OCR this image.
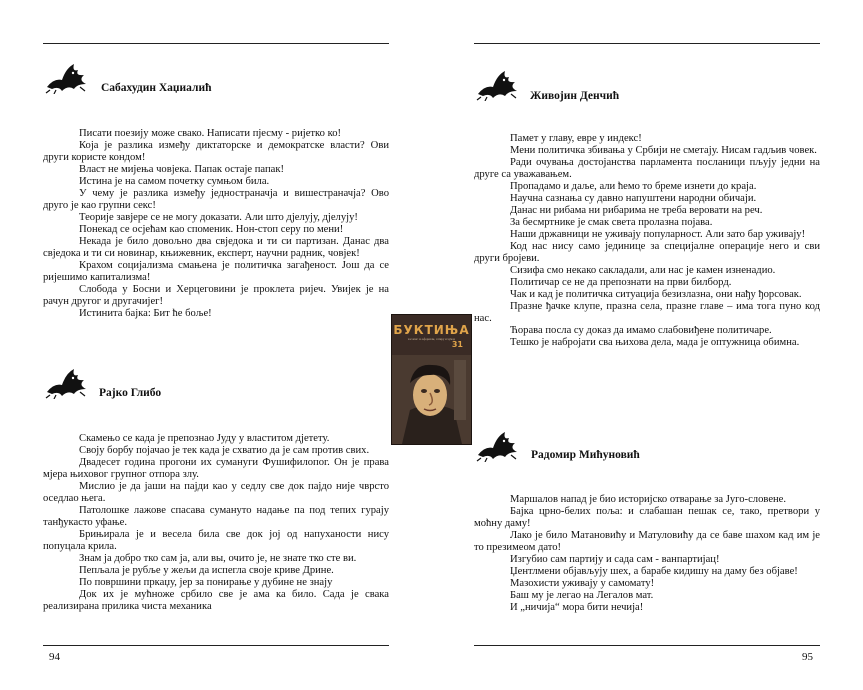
Сабахудин Хаџиалић

Писати поезију може свако. Написати пјесму - ријетко ко!

Која је разлика између диктаторске и демократске власти? Ови други користе кондом!

Власт не мијења човјека. Папак остаје папак!

Истина је на самом почетку сумњом била.

У чему је разлика између једностраначја и вишестраначја? Ово друго је као групни секс!

Теорије завјере се не могу доказати. Али што дјелују, дјелују!

Понекад се осјећам као споменик. Нон-стоп серу по мени!

Некада је било довољно два свједока и ти си партизан. Данас два свједока и ти си новинар, књижевник, експерт, научни радник, човјек!

Крахом социјализма смањена је политичка загађеност. Још да се ријешимо капитализма!

Слобода у Босни и Херцеговини је проклета ријеч. Увијек је на рачун другог и другачијег!

Истинита бајка: Бит ће боље!

Рајко Глибо

Скамењо се када је препознао Јуду у властитом дјетету.

Своју борбу појачао је тек када је схватио да је сам против свих.

Двадесет година прогони их сумануги Фушифилопог. Он је права мјера њиховог групног отпора злу.

Мислио је да јаши на пајди као у седлу све док пајдо није чврсто оседлао њега.

Патолошке лажове спасава сумануто надање па под тепих гурају танђукасто уфање.

Брињирала је и весела била све док јој од напуханости нису попуцала крила.

Знам ја добро тко сам ја, али вы, очито је, не знате тко сте ви.

Пепљала је рубље у жељи да испегла своје криве Дрине.

По површини пркаџу, јер за понирање у дубине не знају

Док их је мућноже србило све је ама ка било. Сада је свака реализирана прилика чиста механика

94
БУКТИЊА
31
часопис за афоризам, сатиру и хумор
Живојин Денчић

Памет у главу, евре у индекс!

Мени политичка збивања у Србији не сметају. Нисам гадљив човек.

Ради очувања достојанства парламента посланици пљују једни на друге са уважавањем.

Пропадамо и даље, али ћемо то бреме изнети до краја.

Научна сазнања су давно напуштени народни обичаји.

Данас ни рибама ни рибарима не треба веровати на реч.

За бесмртнике је смак света пролазна појава.

Наши државници не уживају популарност. Али зато бар уживају!

Код нас нису само јединице за специјалне операције него и сви други бројеви.

Сизифа смо некако сакладали, али нас је камен изненадио.

Политичар се не да препознати на први билборд.

Чак и кад је политичка ситуација безизлазна, они нађу ђорсовак.

Празне ђачке клупе, празна села, празне главе – има тога пуно код нас.

Ћорава посла су доказ да имамо слабовиђене политичаре.

Тешко је набројати сва њихова дела, мада је оптужница обимна.

Радомир Мићуновић

Маршалов напад је био историјско отварање за Југо-словене.

Бајка црно-белих поља: и слабашан пешак се, тако, претвори у моћну даму!

Лако је било Матановићу и Матуловићу да се баве шахом кад им је то презимеом дато!

Изгубио сам партију и сада сам - ванпартијац!

Џентлмени објављују шех, а барабе кидишу на даму без објаве!

Мазохисти уживају у самомату!

Баш му је легао на Легалов мат.

И „ничија“ мора бити нечија!

95
